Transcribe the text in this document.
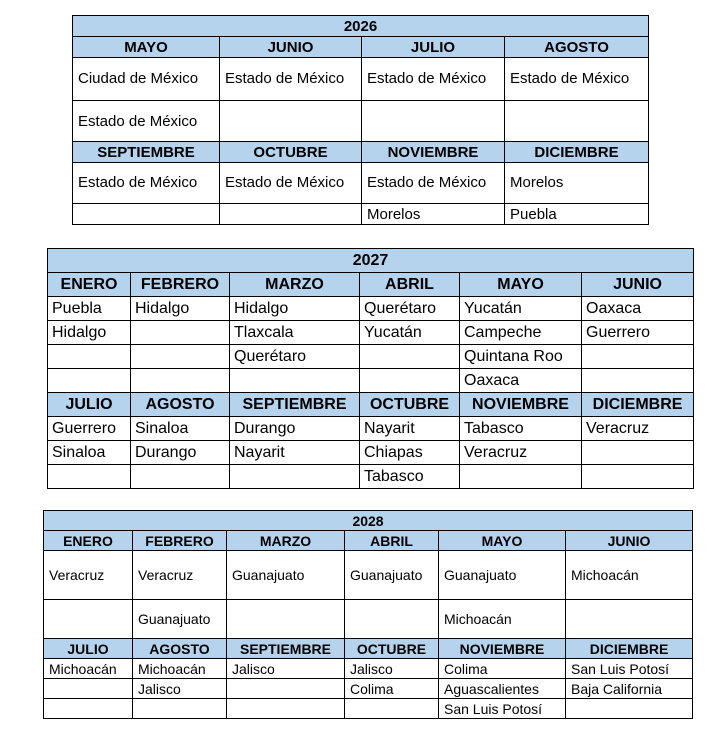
2026			
MAYO	JUNIO	JULIO	AGOSTO
Ciudad de México	Estado de México	Estado de México	Estado de México
Estado de México			
SEPTIEMBRE	OCTUBRE	NOVIEMBRE	DICIEMBRE
Estado de México	Estado de México	Estado de México	Morelos
		Morelos	Puebla
2027					
ENERO	FEBRERO	MARZO	ABRIL	MAYO	JUNIO
Puebla	Hidalgo	Hidalgo	Querétaro	Yucatán	Oaxaca
Hidalgo		Tlaxcala	Yucatán	Campeche	Guerrero
		Querétaro		Quintana Roo	
				Oaxaca	
JULIO	AGOSTO	SEPTIEMBRE	OCTUBRE	NOVIEMBRE	DICIEMBRE
Guerrero	Sinaloa	Durango	Nayarit	Tabasco	Veracruz
Sinaloa	Durango	Nayarit	Chiapas	Veracruz	
			Tabasco		
2028					
ENERO	FEBRERO	MARZO	ABRIL	MAYO	JUNIO
Veracruz	Veracruz	Guanajuato	Guanajuato	Guanajuato	Michoacán
	Guanajuato			Michoacán	
JULIO	AGOSTO	SEPTIEMBRE	OCTUBRE	NOVIEMBRE	DICIEMBRE
Michoacán	Michoacán	Jalisco	Jalisco	Colima	San Luis Potosí
	Jalisco		Colima	Aguascalientes	Baja California
				San Luis Potosí	
